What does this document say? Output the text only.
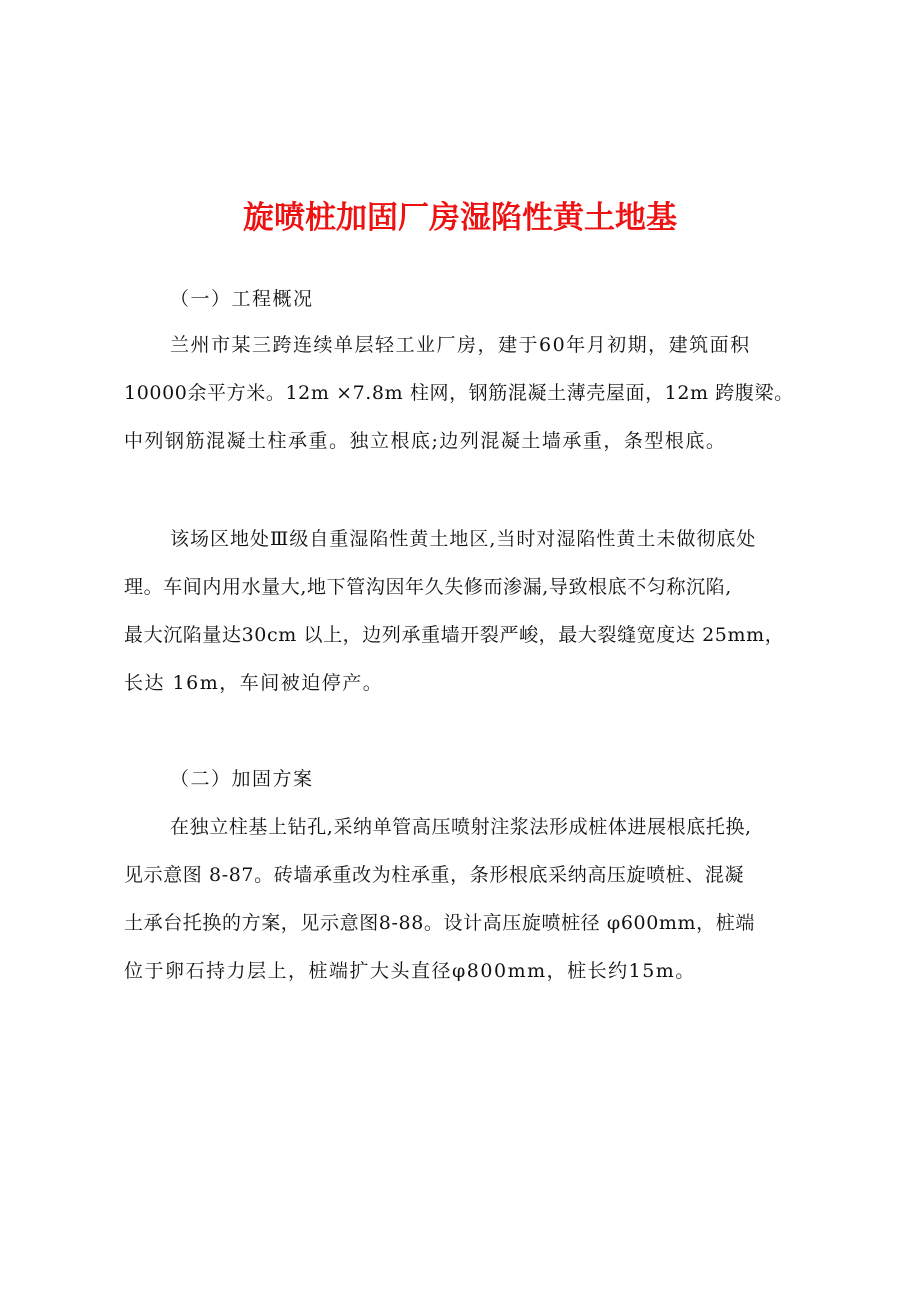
旋喷桩加固厂房湿陷性黄土地基
（一）工程概况
兰州市某三跨连续单层轻工业厂房，建于60年月初期，建筑面积
10000余平方米。12m ×7.8m 柱网，钢筋混凝土薄壳屋面，12m 跨腹梁。
中列钢筋混凝土柱承重。独立根底;边列混凝土墙承重，条型根底。
该场区地处Ⅲ级自重湿陷性黄土地区,当时对湿陷性黄土未做彻底处
理。车间内用水量大,地下管沟因年久失修而渗漏,导致根底不匀称沉陷,
最大沉陷量达30cm 以上，边列承重墙开裂严峻，最大裂缝宽度达 25mm，
长达 16m，车间被迫停产。
（二）加固方案
在独立柱基上钻孔,采纳单管高压喷射注浆法形成桩体进展根底托换,
见示意图 8-87。砖墙承重改为柱承重，条形根底采纳高压旋喷桩、混凝
土承台托换的方案，见示意图8-88。设计高压旋喷桩径 φ600mm，桩端
位于卵石持力层上，桩端扩大头直径φ800mm，桩长约15m。
